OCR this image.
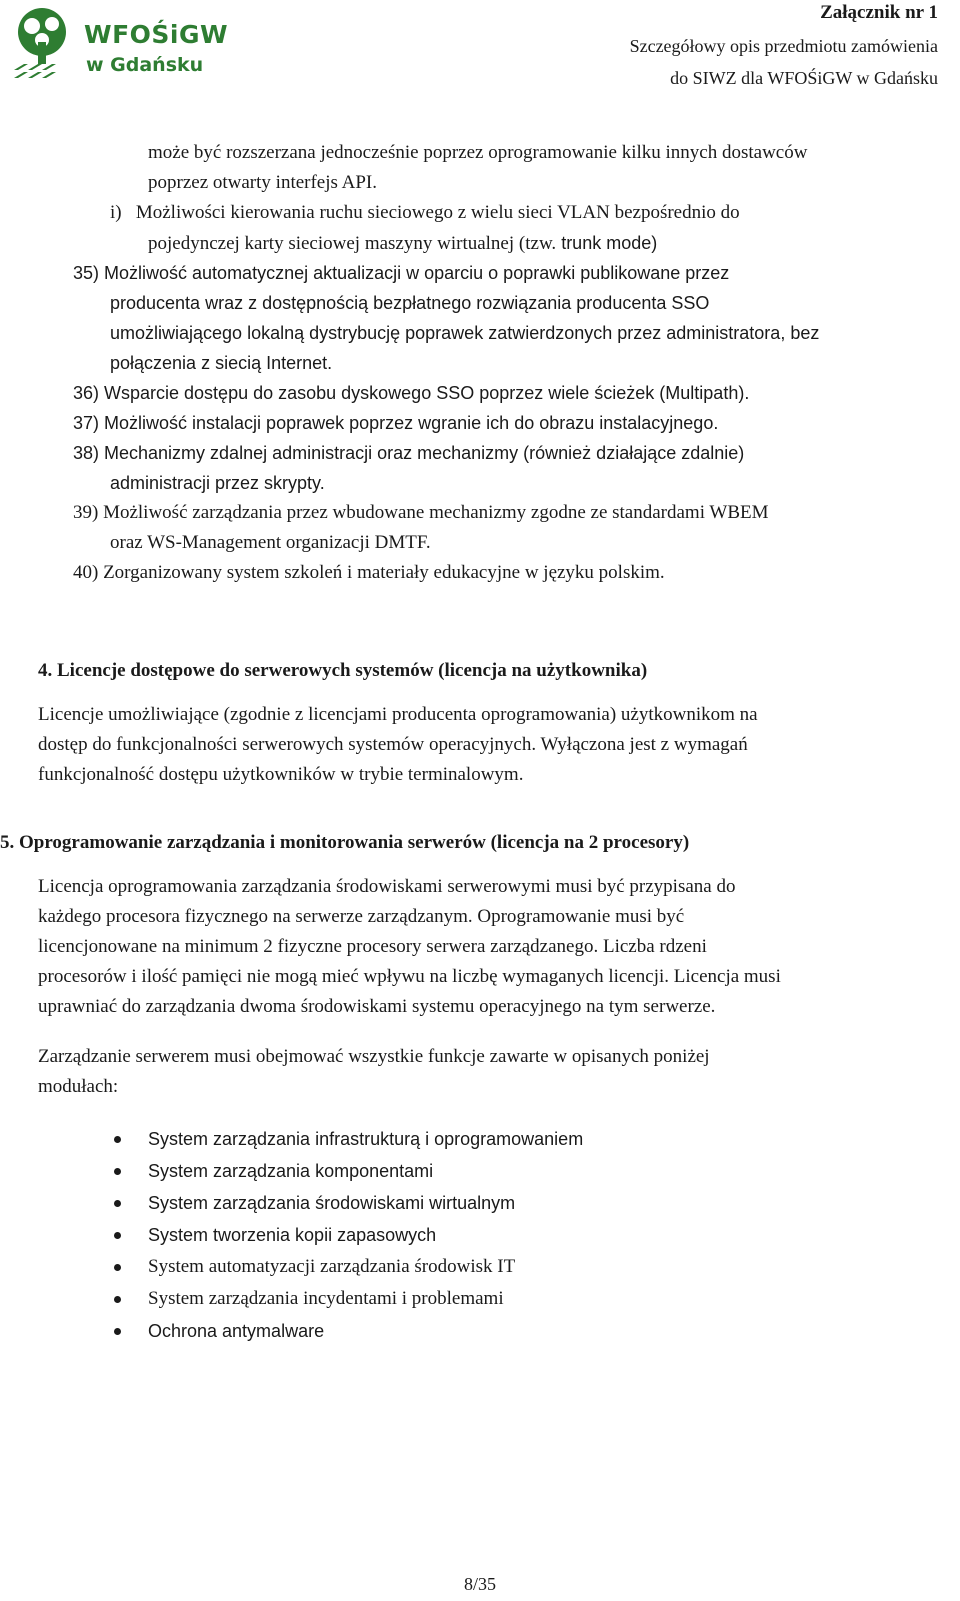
WFOŚiGW
w Gdańsku
Załącznik nr 1
Szczegółowy opis przedmiotu zamówienia
do SIWZ dla WFOŚiGW w Gdańsku
może być rozszerzana jednocześnie poprzez oprogramowanie kilku innych dostawców
poprzez otwarty interfejs API.
i)   Możliwości kierowania ruchu sieciowego z wielu sieci VLAN bezpośrednio do
pojedynczej karty sieciowej maszyny wirtualnej (tzw. trunk mode)
35) Możliwość automatycznej aktualizacji w oparciu o poprawki publikowane przez
producenta wraz z dostępnością bezpłatnego rozwiązania producenta SSO
umożliwiającego lokalną dystrybucję poprawek zatwierdzonych przez administratora, bez
połączenia z siecią Internet.
36) Wsparcie dostępu do zasobu dyskowego SSO poprzez wiele ścieżek (Multipath).
37) Możliwość instalacji poprawek poprzez wgranie ich do obrazu instalacyjnego.
38) Mechanizmy zdalnej administracji oraz mechanizmy (również działające zdalnie)
administracji przez skrypty.
39) Możliwość zarządzania przez wbudowane mechanizmy zgodne ze standardami WBEM
oraz WS-Management organizacji DMTF.
40) Zorganizowany system szkoleń i materiały edukacyjne w języku polskim.
4. Licencje dostępowe do serwerowych systemów (licencja na użytkownika)
Licencje umożliwiające (zgodnie z licencjami producenta oprogramowania) użytkownikom na
dostęp do funkcjonalności serwerowych systemów operacyjnych. Wyłączona jest z wymagań
funkcjonalność dostępu użytkowników w trybie terminalowym.
5. Oprogramowanie zarządzania i monitorowania serwerów (licencja na 2 procesory)
Licencja oprogramowania zarządzania środowiskami serwerowymi musi być przypisana do
każdego procesora fizycznego na serwerze zarządzanym. Oprogramowanie musi być
licencjonowane na minimum 2 fizyczne procesory serwera zarządzanego. Liczba rdzeni
procesorów i ilość pamięci nie mogą mieć wpływu na liczbę wymaganych licencji. Licencja musi
uprawniać do zarządzania dwoma środowiskami systemu operacyjnego na tym serwerze.
Zarządzanie serwerem musi obejmować wszystkie funkcje zawarte w opisanych poniżej
modułach:
System zarządzania infrastrukturą i oprogramowaniem
System zarządzania komponentami
System zarządzania środowiskami wirtualnym
System tworzenia kopii zapasowych
System automatyzacji zarządzania środowisk IT
System zarządzania incydentami i problemami
Ochrona antymalware
8/35
